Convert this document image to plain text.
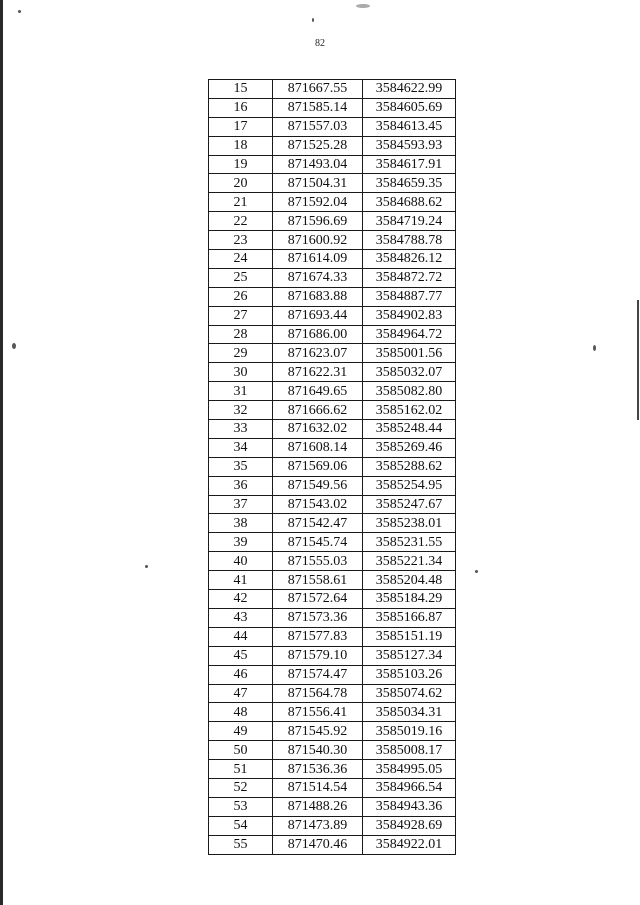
82
15	871667.55	3584622.99
16	871585.14	3584605.69
17	871557.03	3584613.45
18	871525.28	3584593.93
19	871493.04	3584617.91
20	871504.31	3584659.35
21	871592.04	3584688.62
22	871596.69	3584719.24
23	871600.92	3584788.78
24	871614.09	3584826.12
25	871674.33	3584872.72
26	871683.88	3584887.77
27	871693.44	3584902.83
28	871686.00	3584964.72
29	871623.07	3585001.56
30	871622.31	3585032.07
31	871649.65	3585082.80
32	871666.62	3585162.02
33	871632.02	3585248.44
34	871608.14	3585269.46
35	871569.06	3585288.62
36	871549.56	3585254.95
37	871543.02	3585247.67
38	871542.47	3585238.01
39	871545.74	3585231.55
40	871555.03	3585221.34
41	871558.61	3585204.48
42	871572.64	3585184.29
43	871573.36	3585166.87
44	871577.83	3585151.19
45	871579.10	3585127.34
46	871574.47	3585103.26
47	871564.78	3585074.62
48	871556.41	3585034.31
49	871545.92	3585019.16
50	871540.30	3585008.17
51	871536.36	3584995.05
52	871514.54	3584966.54
53	871488.26	3584943.36
54	871473.89	3584928.69
55	871470.46	3584922.01
